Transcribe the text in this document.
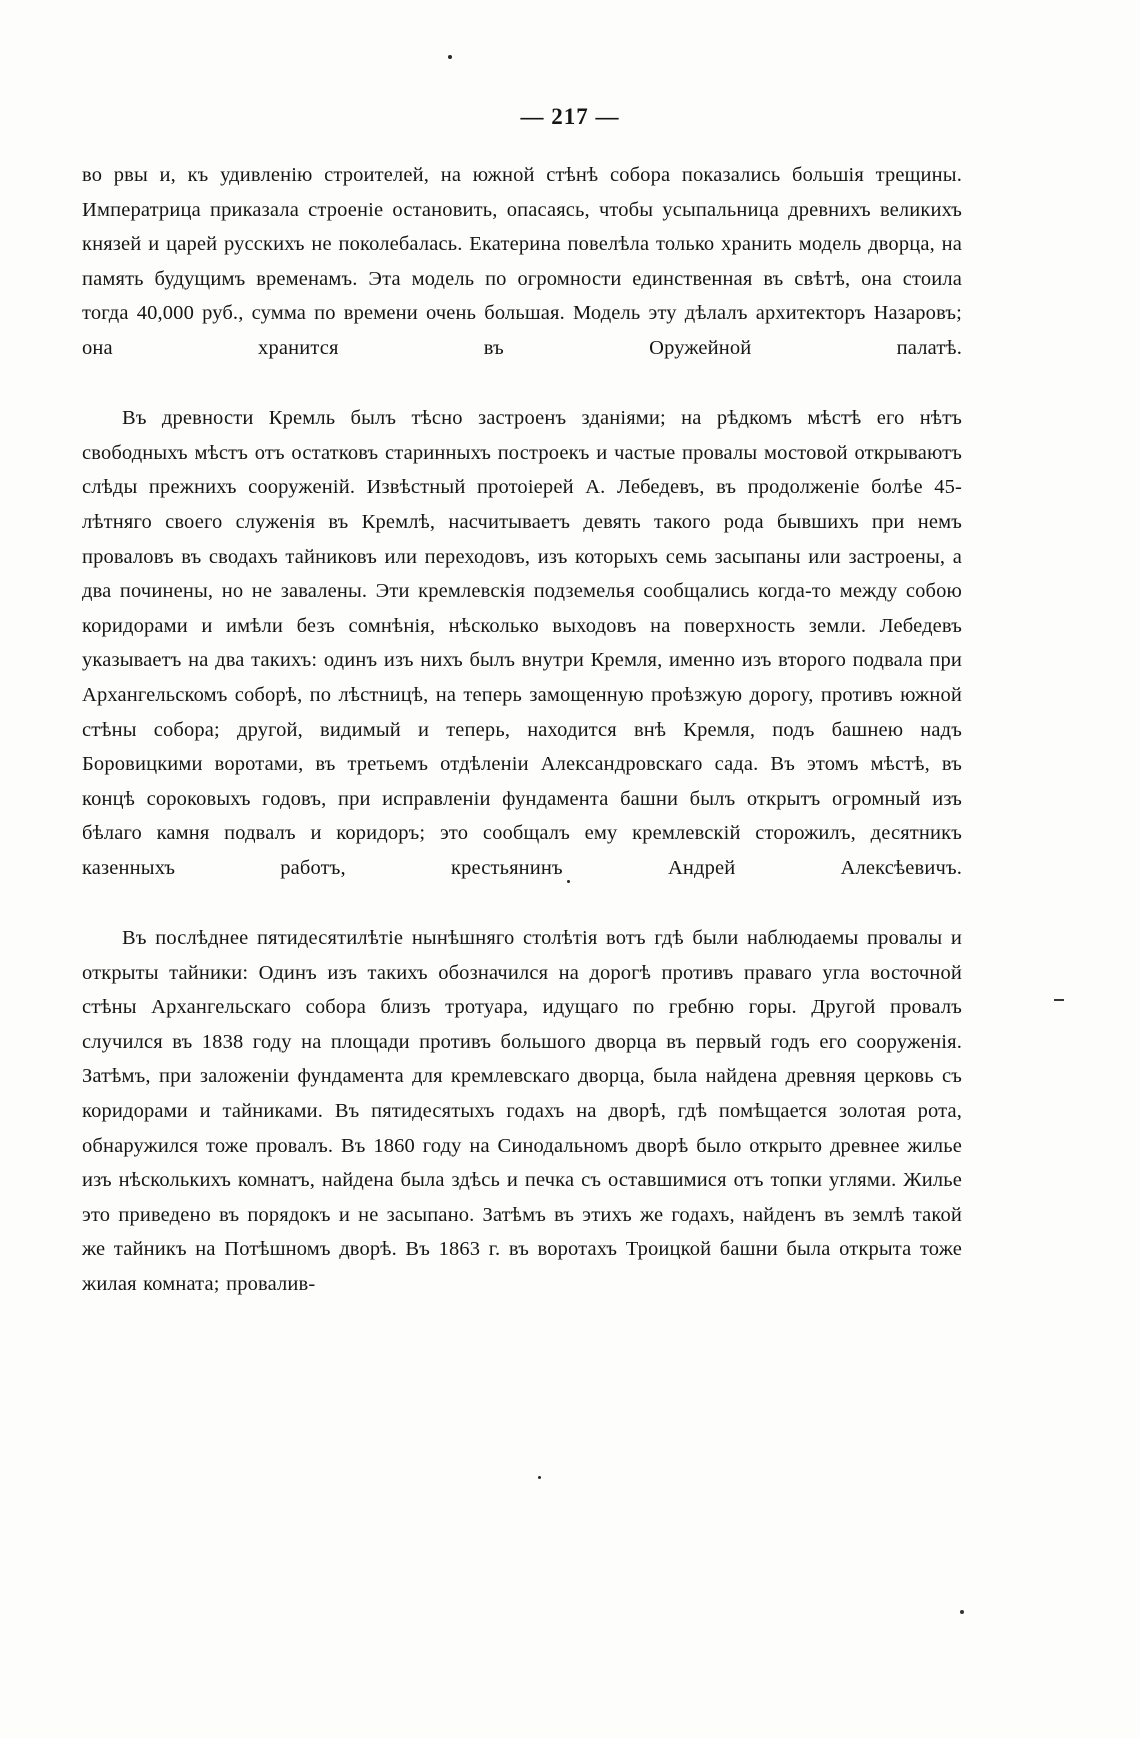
— 217 —

во рвы и, къ удивленію строителей, на южной стѣнѣ собора показались большія трещины. Императрица приказала строеніе остановить, опасаясь, чтобы усыпальница древнихъ великихъ князей и царей русскихъ не поколебалась. Екатерина повелѣла только хранить модель дворца, на память будущимъ временамъ. Эта модель по огромности единственная въ свѣтѣ, она стоила тогда 40,000 руб., сумма по времени очень большая. Модель эту дѣлалъ архитекторъ Назаровъ; она хранится въ Оружейной палатѣ.

Въ древности Кремль былъ тѣсно застроенъ зданіями; на рѣдкомъ мѣстѣ его нѣтъ свободныхъ мѣстъ отъ остатковъ старинныхъ построекъ и частые провалы мостовой открываютъ слѣды прежнихъ сооруженій. Извѣстный протоіерей А. Лебедевъ, въ продолженіе болѣе 45-лѣтняго своего служенія въ Кремлѣ, насчитываетъ девять такого рода бывшихъ при немъ проваловъ въ сводахъ тайниковъ или переходовъ, изъ которыхъ семь засыпаны или застроены, а два починены, но не завалены. Эти кремлевскія подземелья сообщались когда-то между собою коридорами и имѣли безъ сомнѣнія, нѣсколько выходовъ на поверхность земли. Лебедевъ указываетъ на два такихъ: одинъ изъ нихъ былъ внутри Кремля, именно изъ второго подвала при Архангельскомъ соборѣ, по лѣстницѣ, на теперь замощенную проѣзжую дорогу, противъ южной стѣны собора; другой, видимый и теперь, находится внѣ Кремля, подъ башнею надъ Боровицкими воротами, въ третьемъ отдѣленіи Александровскаго сада. Въ этомъ мѣстѣ, въ концѣ сороковыхъ годовъ, при исправленіи фундамента башни былъ открытъ огромный изъ бѣлаго камня подвалъ и коридоръ; это сообщалъ ему кремлевскій сторожилъ, десятникъ казенныхъ работъ, крестьянинъ Андрей Алексѣевичъ.

Въ послѣднее пятидесятилѣтіе нынѣшняго столѣтія вотъ гдѣ были наблюдаемы провалы и открыты тайники: Одинъ изъ такихъ обозначился на дорогѣ противъ праваго угла восточной стѣны Архангельскаго собора близъ тротуара, идущаго по гребню горы. Другой провалъ случился въ 1838 году на площади противъ большого дворца въ первый годъ его сооруженія. Затѣмъ, при заложеніи фундамента для кремлевскаго дворца, была найдена древняя церковь съ коридорами и тайниками. Въ пятидесятыхъ годахъ на дворѣ, гдѣ помѣщается золотая рота, обнаружился тоже провалъ. Въ 1860 году на Синодальномъ дворѣ было открыто древнее жилье изъ нѣсколькихъ комнатъ, найдена была здѣсь и печка съ оставшимися отъ топки углями. Жилье это приведено въ порядокъ и не засыпано. Затѣмъ въ этихъ же годахъ, найденъ въ землѣ такой же тайникъ на Потѣшномъ дворѣ. Въ 1863 г. въ воротахъ Троицкой башни была открыта тоже жилая комната; провалив-
